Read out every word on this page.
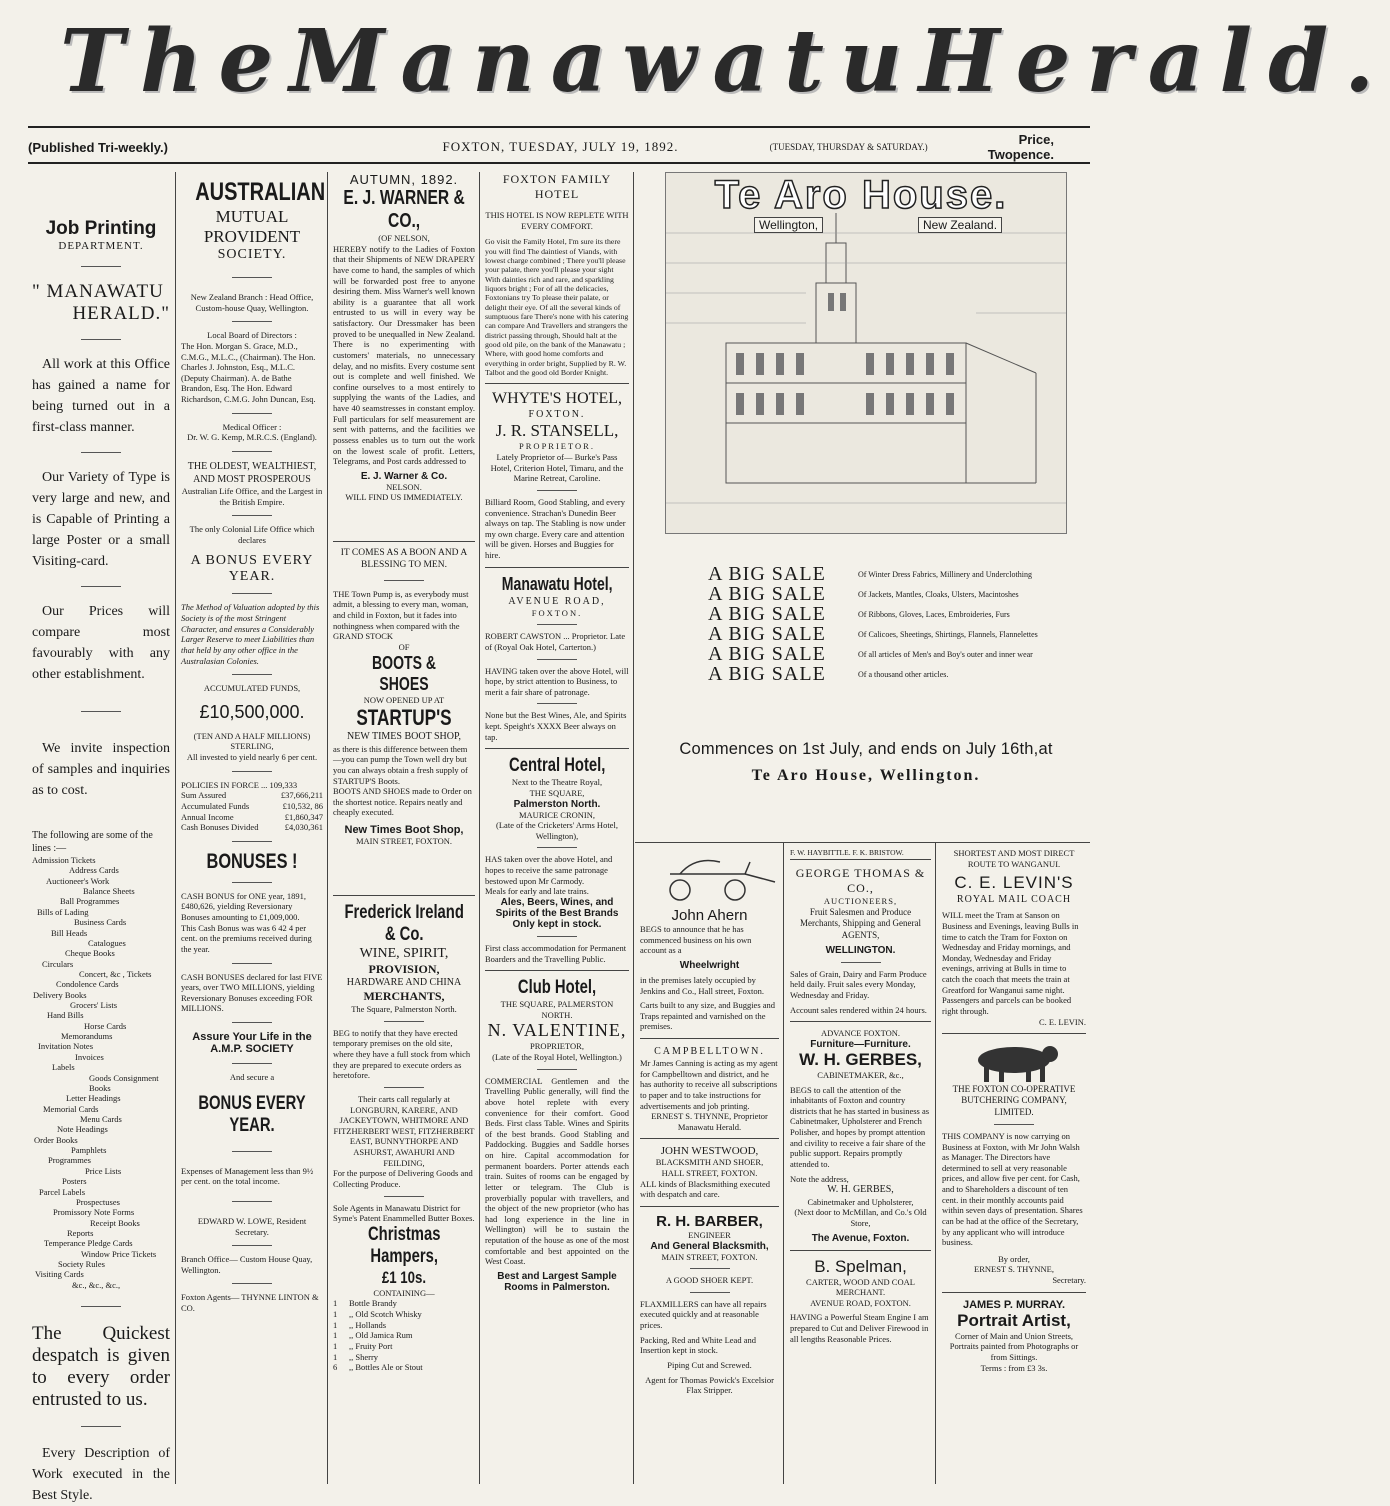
The Manawatu Herald.
(Published Tri-weekly.)	FOXTON, TUESDAY, JULY 19, 1892.	(TUESDAY, THURSDAY & SATURDAY.)	Price, Twopence.
Job Printing
DEPARTMENT.
" MANAWATU
HERALD."
All work at this Office has gained a name for being turned out in a first-class manner.
Our Variety of Type is very large and new, and is Capable of Printing a large Poster or a small Visiting-card.
Our Prices will compare most favourably with any other establishment.
We invite inspection of samples and inquiries as to cost.
The following are some of the lines :—
Admission Tickets
Address Cards
Auctioneer's Work
Balance Sheets
Ball Programmes
Bills of Lading
Business Cards
Bill Heads
Catalogues
Cheque Books
Circulars
Concert, &c , Tickets
Condolence Cards
Delivery Books
Grocers' Lists
Hand Bills
Horse Cards
Memorandums
Invitation Notes
Invoices
Labels
Goods Consignment Books
Letter Headings
Memorial Cards
Menu Cards
Note Headings
Order Books
Pamphlets
Programmes
Price Lists
Posters
Parcel Labels
Prospectuses
Promissory Note Forms
Receipt Books
Reports
Temperance Pledge Cards
Window Price Tickets
Society Rules
Visiting Cards
&c., &c., &c.,
The Quickest despatch is given to every order entrusted to us.
Every Description of Work executed in the Best Style.
AUSTRALIAN
MUTUAL PROVIDENT
SOCIETY.
New Zealand Branch : Head Office, Custom-house Quay, Wellington.
Local Board of Directors :
The Hon. Morgan S. Grace, M.D., C.M.G., M.L.C., (Chairman). The Hon. Charles J. Johnston, Esq., M.L.C. (Deputy Chairman). A. de Bathe Brandon, Esq. The Hon. Edward Richardson, C.M.G. John Duncan, Esq.
Medical Officer :
Dr. W. G. Kemp, M.R.C.S. (England).
THE OLDEST, WEALTHIEST, AND MOST PROSPEROUS
Australian Life Office, and the Largest in the British Empire.
The only Colonial Life Office which declares
A BONUS EVERY YEAR.
The Method of Valuation adopted by this Society is of the most Stringent Character, and ensures a Considerably Larger Reserve to meet Liabilities than that held by any other office in the Australasian Colonies.
ACCUMULATED FUNDS,
£10,500,000.
(TEN AND A HALF MILLIONS) STERLING,
All invested to yield nearly 6 per cent.
POLICIES IN FORCE ... 109,333
Sum Assured	£37,666,211
Accumulated Funds	£10,532, 86
Annual Income	£1,860,347
Cash Bonuses Divided	£4,030,361
BONUSES !
CASH BONUS for ONE year, 1891, £480,626, yielding Reversionary Bonuses amounting to £1,009,000.
This Cash Bonus was was 6 42 4 per cent. on the premiums received during the year.
CASH BONUSES declared for last FIVE years, over TWO MILLIONS, yielding Reversionary Bonuses exceeding FOR MILLIONS.
Assure Your Life in the A.M.P. SOCIETY
And secure a
BONUS EVERY YEAR.
Expenses of Management less than 9½ per cent. on the total income.
EDWARD W. LOWE, Resident Secretary.
Branch Office— Custom House Quay, Wellington.
Foxton Agents— THYNNE LINTON & CO.
AUTUMN, 1892.
E. J. WARNER & CO.,
(OF NELSON,
HEREBY notify to the Ladies of Foxton that their Shipments of NEW DRAPERY have come to hand, the samples of which will be forwarded post free to anyone desiring them. Miss Warner's well known ability is a guarantee that all work entrusted to us will in every way be satisfactory. Our Dressmaker has been proved to be unequalled in New Zealand. There is no experimenting with customers' materials, no unnecessary delay, and no misfits. Every costume sent out is complete and well finished. We confine ourselves to a most entirely to supplying the wants of the Ladies, and have 40 seamstresses in constant employ. Full particulars for self measurement are sent with patterns, and the facilities we possess enables us to turn out the work on the lowest scale of profit. Letters, Telegrams, and Post cards addressed to
E. J. Warner & Co.
NELSON.
WILL FIND US IMMEDIATELY.
IT COMES AS A BOON AND A BLESSING TO MEN.
THE Town Pump is, as everybody must admit, a blessing to every man, woman, and child in Foxton, but it fades into nothingness when compared with the GRAND STOCK
OF
BOOTS & SHOES
NOW OPENED UP AT
STARTUP'S
NEW TIMES BOOT SHOP,
as there is this difference between them—you can pump the Town well dry but you can always obtain a fresh supply of STARTUP'S Boots.
BOOTS AND SHOES made to Order on the shortest notice. Repairs neatly and cheaply executed.
New Times Boot Shop,
MAIN STREET, FOXTON.
Frederick Ireland & Co.
WINE, SPIRIT,
PROVISION,
HARDWARE AND CHINA
MERCHANTS,
The Square, Palmerston North.
BEG to notify that they have erected temporary premises on the old site, where they have a full stock from which they are prepared to execute orders as heretofore.
Their carts call regularly at LONGBURN, KARERE, AND JACKEYTOWN, WHITMORE AND FITZHERBERT WEST, FITZHERBERT EAST, BUNNYTHORPE AND ASHURST, AWAHURI AND FEILDING,
For the purpose of Delivering Goods and Collecting Produce.
Sole Agents in Manawatu District for Syme's Patent Enammelled Butter Boxes.
Christmas Hampers, £1 10s.
CONTAINING—
1	Bottle Brandy
1	,, Old Scotch Whisky
1	,, Hollands
1	,, Old Jamica Rum
1	,, Fruity Port
1	,, Sherry
6	,, Bottles Ale or Stout
FOXTON FAMILY HOTEL
THIS HOTEL IS NOW REPLETE WITH EVERY COMFORT.
Go visit the Family Hotel, I'm sure its there you will find The daintiest of Viands, with lowest charge combined ; There you'll please your palate, there you'll please your sight With dainties rich and rare, and sparkling liquors bright ; For of all the delicacies, Foxtonians try To please their palate, or delight their eye. Of all the several kinds of sumptuous fare There's none with his catering can compare And Travellers and strangers the district passing through, Should halt at the good old pile, on the bank of the Manawatu ; Where, with good home comforts and everything in order bright, Supplied by R. W. Talbot and the good old Border Knight.
WHYTE'S HOTEL,
FOXTON.
J. R. STANSELL,
PROPRIETOR.
Lately Proprietor of— Burke's Pass Hotel, Criterion Hotel, Timaru, and the Marine Retreat, Caroline.
Billiard Room, Good Stabling, and every convenience. Strachan's Dunedin Beer always on tap. The Stabling is now under my own charge. Every care and attention will be given. Horses and Buggies for hire.
Manawatu Hotel,
AVENUE ROAD,
FOXTON.
ROBERT CAWSTON ... Proprietor. Late of (Royal Oak Hotel, Carterton.)
HAVING taken over the above Hotel, will hope, by strict attention to Business, to merit a fair share of patronage.
None but the Best Wines, Ale, and Spirits kept. Speight's XXXX Beer always on tap.
Central Hotel,
Next to the Theatre Royal,
THE SQUARE,
Palmerston North.
MAURICE CRONIN,
(Late of the Cricketers' Arms Hotel, Wellington),
HAS taken over the above Hotel, and hopes to receive the same patronage bestowed upon Mr Carmody.
Meals for early and late trains.
Ales, Beers, Wines, and Spirits of the Best Brands Only kept in stock.
First class accommodation for Permanent Boarders and the Travelling Public.
Club Hotel,
THE SQUARE, PALMERSTON NORTH.
N. VALENTINE,
PROPRIETOR,
(Late of the Royal Hotel, Wellington.)
COMMERCIAL Gentlemen and the Travelling Public generally, will find the above hotel replete with every convenience for their comfort. Good Beds. First class Table. Wines and Spirits of the best brands. Good Stabling and Paddocking. Buggies and Saddle horses on hire. Capital accommodation for permanent boarders. Porter attends each train. Suites of rooms can be engaged by letter or telegram. The Club is proverbially popular with travellers, and the object of the new proprietor (who has had long experience in the line in Wellington) will be to sustain the reputation of the house as one of the most comfortable and best appointed on the West Coast.
Best and Largest Sample Rooms in Palmerston.
Te Aro House.
Wellington,	New Zealand.
A BIG SALE	Of Winter Dress Fabrics, Millinery and Underclothing
A BIG SALE	Of Jackets, Mantles, Cloaks, Ulsters, Macintoshes
A BIG SALE	Of Ribbons, Gloves, Laces, Embroideries, Furs
A BIG SALE	Of Calicoes, Sheetings, Shirtings, Flannels, Flannelettes
A BIG SALE	Of all articles of Men's and Boy's outer and inner wear
A BIG SALE	Of a thousand other articles.
Commences on 1st July, and ends on July 16th,at
Te Aro House, Wellington.
John Ahern
BEGS to announce that he has commenced business on his own account as a
Wheelwright
in the premises lately occupied by Jenkins and Co., Hall street, Foxton.
Carts built to any size, and Buggies and Traps repainted and varnished on the premises.
CAMPBELLTOWN.
Mr James Canning is acting as my agent for Campbelltown and district, and he has authority to receive all subscriptions to paper and to take instructions for advertisements and job printing.
ERNEST S. THYNNE, Proprietor Manawatu Herald.
JOHN WESTWOOD,
BLACKSMITH AND SHOER,
HALL STREET, FOXTON.
ALL kinds of Blacksmithing executed with despatch and care.
R. H. BARBER,
ENGINEER
And General Blacksmith,
MAIN STREET, FOXTON.
A GOOD SHOER KEPT.
FLAXMILLERS can have all repairs executed quickly and at reasonable prices.
Packing, Red and White Lead and Insertion kept in stock.
Piping Cut and Screwed.
Agent for Thomas Powick's Excelsior Flax Stripper.
F. W. HAYBITTLE. F. K. BRISTOW.
GEORGE THOMAS & CO.,
AUCTIONEERS,
Fruit Salesmen and Produce Merchants, Shipping and General AGENTS,
WELLINGTON.
Sales of Grain, Dairy and Farm Produce held daily. Fruit sales every Monday, Wednesday and Friday.
Account sales rendered within 24 hours.
ADVANCE FOXTON.
Furniture—Furniture.
W. H. GERBES,
CABINETMAKER, &c.,
BEGS to call the attention of the inhabitants of Foxton and country districts that he has started in business as Cabinetmaker, Upholsterer and French Polisher, and hopes by prompt attention and civility to receive a fair share of the public support. Repairs promptly attended to.
Note the address,
W. H. GERBES,
Cabinetmaker and Upholsterer,
(Next door to McMillan, and Co.'s Old Store,
The Avenue, Foxton.
B. Spelman,
CARTER, WOOD AND COAL MERCHANT.
AVENUE ROAD, FOXTON.
HAVING a Powerful Steam Engine I am prepared to Cut and Deliver Firewood in all lengths Reasonable Prices.
SHORTEST AND MOST DIRECT ROUTE TO WANGANUI.
C. E. LEVIN'S
ROYAL MAIL COACH
WILL meet the Tram at Sanson on Business and Evenings, leaving Bulls in time to catch the Tram for Foxton on Wednesday and Friday mornings, and Monday, Wednesday and Friday evenings, arriving at Bulls in time to catch the coach that meets the train at Greatford for Wanganui same night. Passengers and parcels can be booked right through.
C. E. LEVIN.
THE FOXTON CO-OPERATIVE BUTCHERING COMPANY, LIMITED.
THIS COMPANY is now carrying on Business at Foxton, with Mr John Walsh as Manager. The Directors have determined to sell at very reasonable prices, and allow five per cent. for Cash, and to Shareholders a discount of ten cent. in their monthly accounts paid within seven days of presentation. Shares can be had at the office of the Secretary, by any applicant who will introduce business.
By order,
ERNEST S. THYNNE,
Secretary.
JAMES P. MURRAY.
Portrait Artist,
Corner of Main and Union Streets,
Portraits painted from Photographs or from Sittings.
Terms : from £3 3s.
